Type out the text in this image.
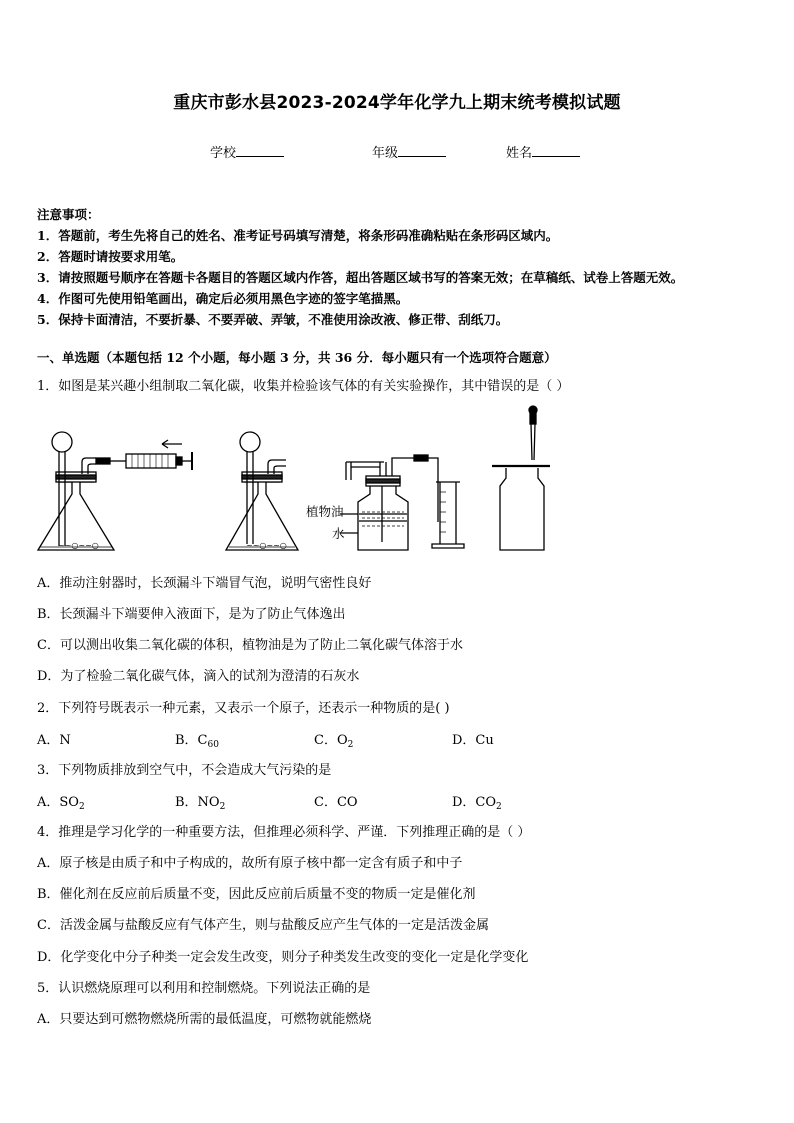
重庆市彭水县2023-2024学年化学九上期末统考模拟试题
学校	年级	姓名
注意事项：
1．答题前，考生先将自己的姓名、准考证号码填写清楚，将条形码准确粘贴在条形码区域内。
2．答题时请按要求用笔。
3．请按照题号顺序在答题卡各题目的答题区域内作答，超出答题区域书写的答案无效；在草稿纸、试卷上答题无效。
4．作图可先使用铅笔画出，确定后必须用黑色字迹的签字笔描黑。
5．保持卡面清洁，不要折暴、不要弄破、弄皱，不准使用涂改液、修正带、刮纸刀。
一、单选题（本题包括 12 个小题，每小题 3 分，共 36 分．每小题只有一个选项符合题意）
1．如图是某兴趣小组制取二氧化碳，收集并检验该气体的有关实验操作，其中错误的是（ ）
~~○~~○	~~○~~○
植物油
水
A．推动注射器时，长颈漏斗下端冒气泡，说明气密性良好
B．长颈漏斗下端要伸入液面下，是为了防止气体逸出
C．可以测出收集二氧化碳的体积，植物油是为了防止二氧化碳气体溶于水
D．为了检验二氧化碳气体，滴入的试剂为澄清的石灰水
2．下列符号既表示一种元素，又表示一个原子，还表示一种物质的是( )
A．N	B．$C_{60}$	C．$O_2$	D．Cu
3．下列物质排放到空气中，不会造成大气污染的是
A．$SO_2$	B．$NO_2$	C．CO	D．$CO_2$
4．推理是学习化学的一种重要方法，但推理必须科学、严谨．下列推理正确的是（ ）
A．原子核是由质子和中子构成的，故所有原子核中都一定含有质子和中子
B．催化剂在反应前后质量不变，因此反应前后质量不变的物质一定是催化剂
C．活泼金属与盐酸反应有气体产生，则与盐酸反应产生气体的一定是活泼金属
D．化学变化中分子种类一定会发生改变，则分子种类发生改变的变化一定是化学变化
5．认识燃烧原理可以利用和控制燃烧。下列说法正确的是
A．只要达到可燃物燃烧所需的最低温度，可燃物就能燃烧
